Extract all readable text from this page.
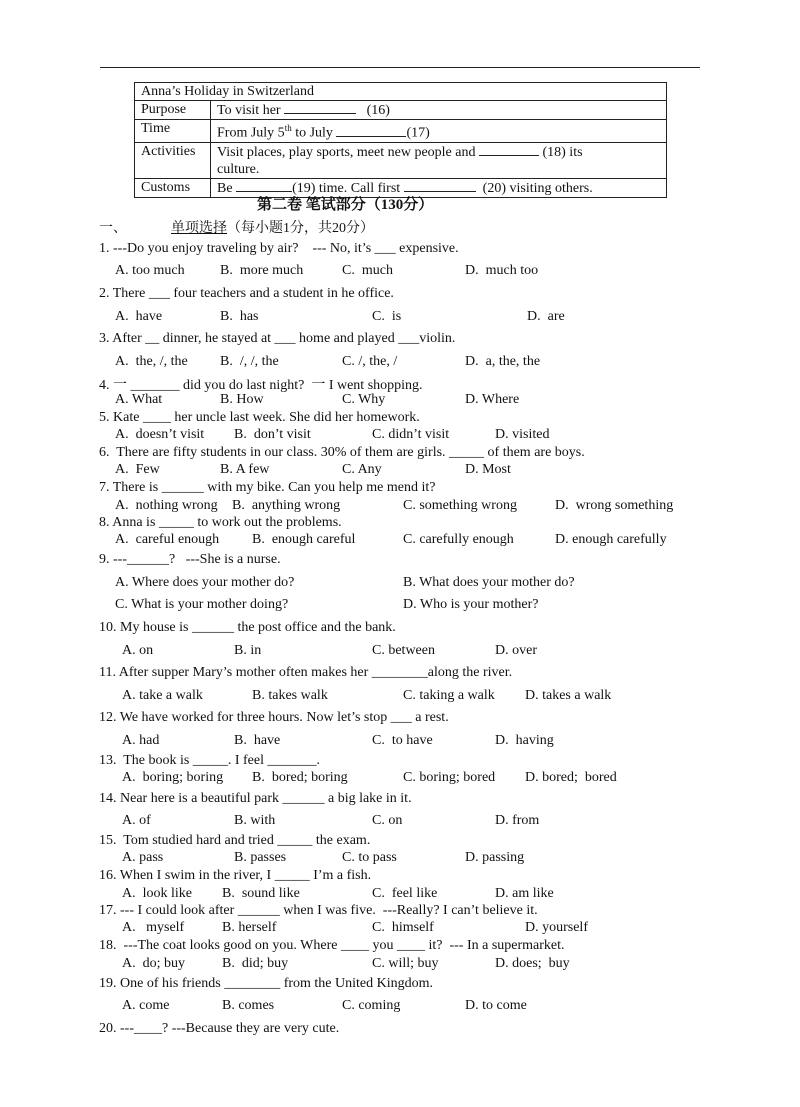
Anna’s Holiday in Switzerland	
Purpose	To visit her (16)
Time	From July 5th to July (17)
Activities	Visit places, play sports, meet new people and (18) its
culture.
Customs	Be (19) time. Call first (20) visiting others.
第二卷 笔试部分（130分）
一、	单项选择（每小题1分，共20分）
1. ---Do you enjoy traveling by air?    --- No, it’s ___ expensive.
A. too much	B.  more much	C.  much	D.  much too
2. There ___ four teachers and a student in he office.
A.  have	B.  has	C.  is	D.  are
3. After __ dinner, he stayed at ___ home and played ___violin.
A.  the, /, the B.  /, /, the	C. /, the, /	D.  a, the, the
4. 一 _______ did you do last night?  一 I went shopping.
A. What	B. How	C. Why	D. Where
5. Kate ____ her uncle last week. She did her homework.
A.  doesn’t visit B.  don’t visit	C. didn’t visit	D. visited
6.  There are fifty students in our class. 30% of them are girls. _____ of them are boys.
A.  Few	B. A few	C. Any	D. Most
7. There is ______ with my bike. Can you help me mend it?
A.  nothing wrong B.  anything wrong	C. something wrong	D.  wrong something
8. Anna is _____ to work out the problems.
A.  careful enough B.  enough careful	C. carefully enough	D. enough carefully
9. ---______?   ---She is a nurse.
A. Where does your mother do?	B. What does your mother do?
C. What is your mother doing?	D. Who is your mother?
10. My house is ______ the post office and the bank.
A. on	B. in	C. between	D. over
11. After supper Mary’s mother often makes her ________along the river.
A. take a walk	B. takes walk	C. taking a walk D. takes a walk
12. We have worked for three hours. Now let’s stop ___ a rest.
A. had	B.  have	C.  to have	D.  having
13.  The book is _____. I feel _______.
A.  boring; boring B.  bored; boring	C. boring; bored D. bored;  bored
14. Near here is a beautiful park ______ a big lake in it.
A. of	B. with	C. on	D. from
15.  Tom studied hard and tried _____ the exam.
A. pass	B. passes	C. to pass	D. passing
16. When I swim in the river, I _____ I’m a fish.
A.  look like B.  sound like	C.  feel like	D. am like
17. --- I could look after ______ when I was five.  ---Really? I can’t believe it.
A.   myself	B. herself	C.  himself	D. yourself
18.  ---The coat looks good on you. Where ____ you ____ it?  --- In a supermarket.
A.  do; buy	B.  did; buy	C. will; buy	D. does;  buy
19. One of his friends ________ from the United Kingdom.
A. come	B. comes	C. coming	D. to come
20. ---____? ---Because they are very cute.
